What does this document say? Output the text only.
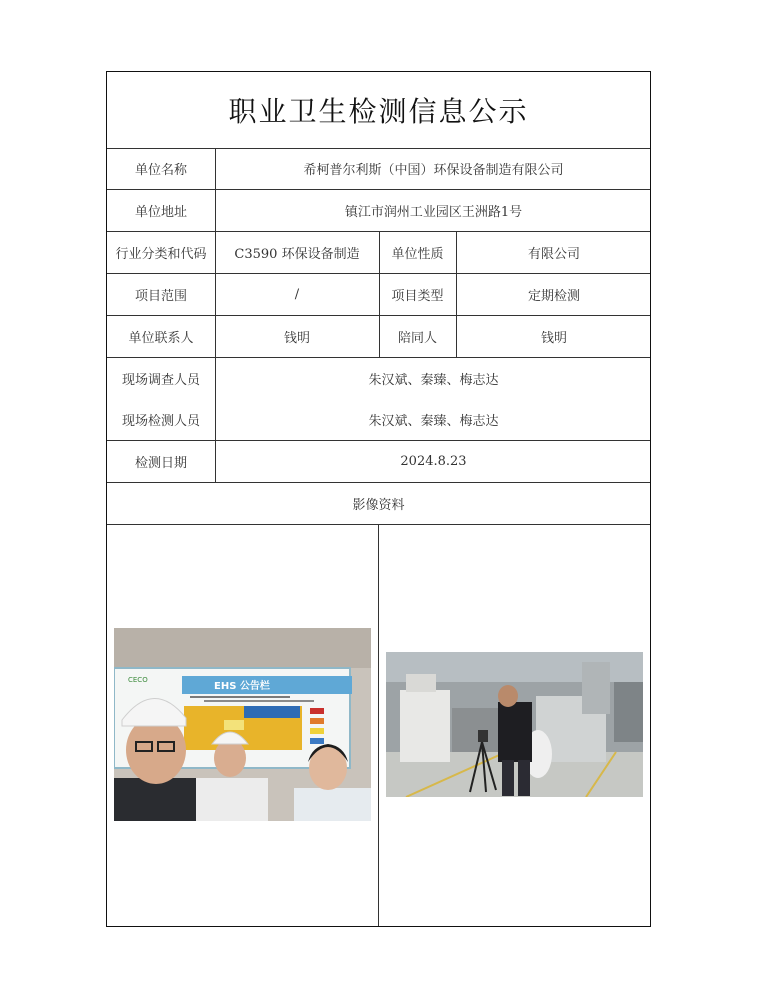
职业卫生检测信息公示
单位名称	希柯普尔利斯（中国）环保设备制造有限公司
单位地址	镇江市润州工业园区王洲路1号
行业分类和代码	C3590 环保设备制造	单位性质	有限公司
项目范围	/	项目类型	定期检测
单位联系人	钱明	陪同人	钱明
现场调查人员	朱汉斌、秦臻、梅志达
现场检测人员	朱汉斌、秦臻、梅志达
检测日期	2024.8.23
影像资料
CECO
EHS 公告栏
